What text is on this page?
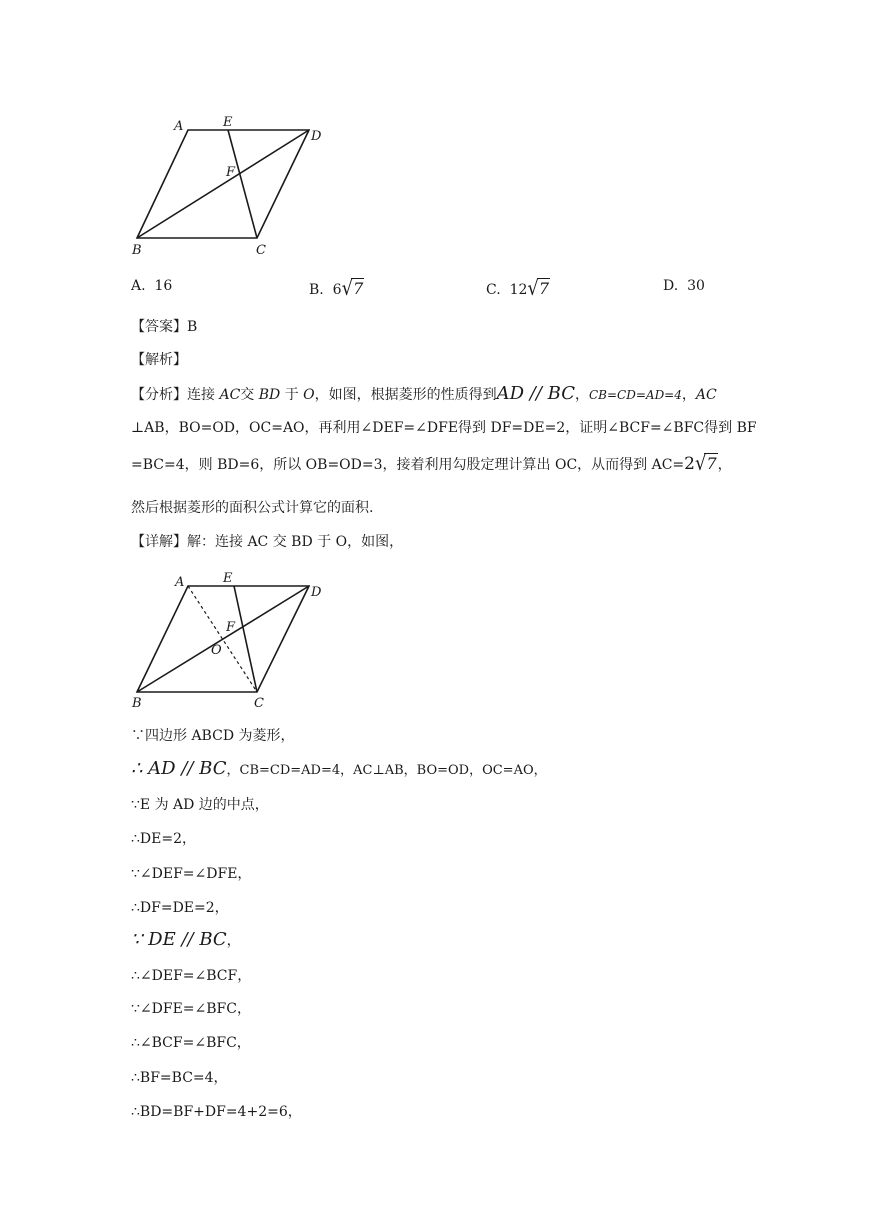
A	E
D
F
B	C
A. 16	B. 6√7	C. 12√7	D. 30
【答案】B
【解析】
【分析】连接 AC交 BD 于 O，如图，根据菱形的性质得到AD // BC，CB=CD=AD=4，AC
⊥AB，BO=OD，OC=AO，再利用∠DEF=∠DFE得到 DF=DE=2，证明∠BCF=∠BFC得到 BF
=BC=4，则 BD=6，所以 OB=OD=3，接着利用勾股定理计算出 OC，从而得到 AC=2√7，
然后根据菱形的面积公式计算它的面积.
【详解】解：连接 AC 交 BD 于 O，如图，
A	E
D
F
O
B	C
∵四边形 ABCD 为菱形，
∴ AD // BC，CB=CD=AD=4，AC⊥AB，BO=OD，OC=AO，
∵E 为 AD 边的中点，
∴DE=2，
∵∠DEF=∠DFE，
∴DF=DE=2，
∵ DE // BC，
∴∠DEF=∠BCF，
∵∠DFE=∠BFC，
∴∠BCF=∠BFC，
∴BF=BC=4，
∴BD=BF+DF=4+2=6，
